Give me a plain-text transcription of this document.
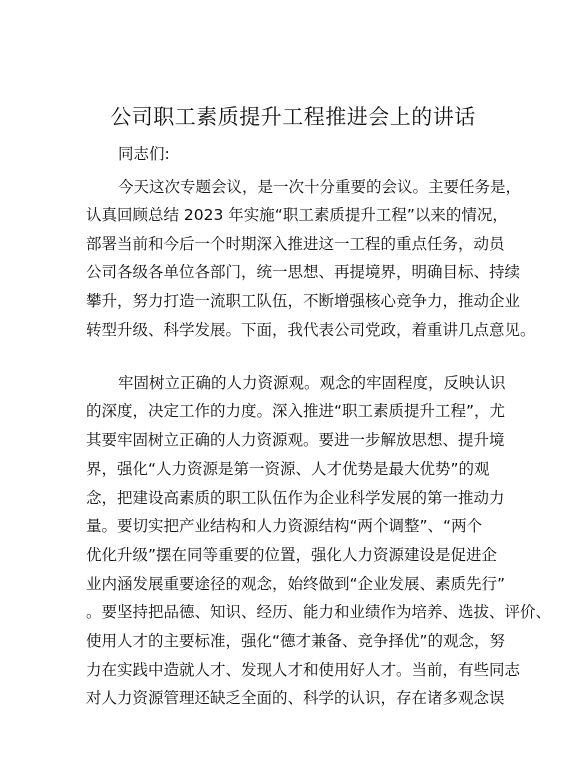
公司职工素质提升工程推进会上的讲话
同志们:
今天这次专题会议，是一次十分重要的会议。主要任务是，
认真回顾总结 2023 年实施“职工素质提升工程”以来的情况，
部署当前和今后一个时期深入推进这一工程的重点任务，动员
公司各级各单位各部门，统一思想、再提境界，明确目标、持续
攀升，努力打造一流职工队伍，不断增强核心竞争力，推动企业
转型升级、科学发展。下面，我代表公司党政，着重讲几点意见。
牢固树立正确的人力资源观。观念的牢固程度，反映认识
的深度，决定工作的力度。深入推进“职工素质提升工程”，尤
其要牢固树立正确的人力资源观。要进一步解放思想、提升境
界，强化“人力资源是第一资源、人才优势是最大优势”的观
念，把建设高素质的职工队伍作为企业科学发展的第一推动力
量。要切实把产业结构和人力资源结构“两个调整”、“两个
优化升级”摆在同等重要的位置，强化人力资源建设是促进企
业内涵发展重要途径的观念，始终做到“企业发展、素质先行”
。要坚持把品德、知识、经历、能力和业绩作为培养、选拔、评价、
使用人才的主要标准，强化“德才兼备、竞争择优”的观念，努
力在实践中造就人才、发现人才和使用好人才。当前，有些同志
对人力资源管理还缺乏全面的、科学的认识，存在诸多观念误
